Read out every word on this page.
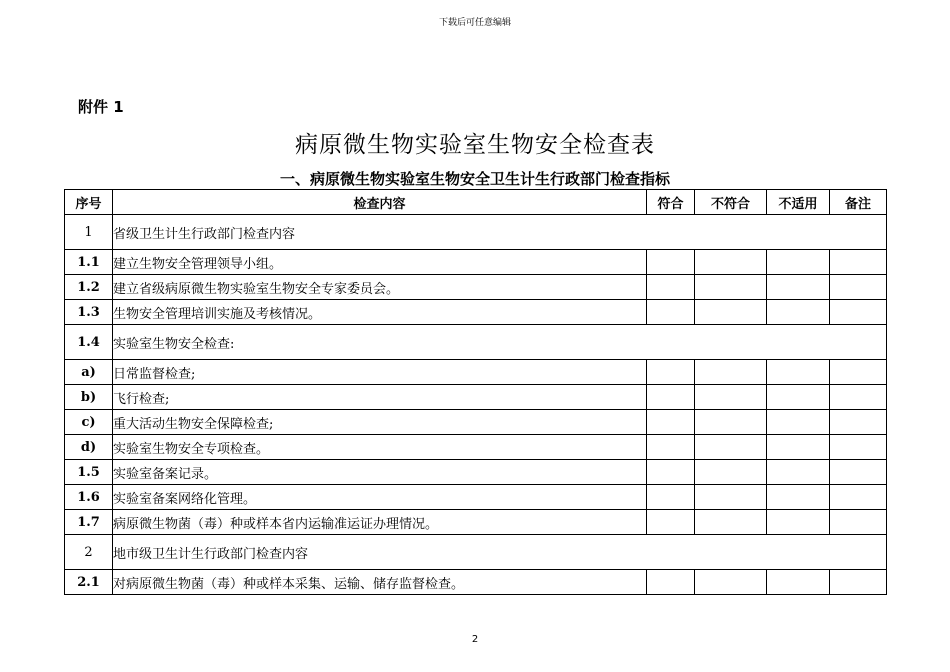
下载后可任意编辑
附件 1
病原微生物实验室生物安全检查表
一、病原微生物实验室生物安全卫生计生行政部门检查指标
序号	检查内容	符合	不符合	不适用	备注
1	省级卫生计生行政部门检查内容				
1.1	建立生物安全管理领导小组。				
1.2	建立省级病原微生物实验室生物安全专家委员会。				
1.3	生物安全管理培训实施及考核情况。				
1.4	实验室生物安全检查:				
a)	日常监督检查;				
b)	飞行检查;				
c)	重大活动生物安全保障检查;				
d)	实验室生物安全专项检查。				
1.5	实验室备案记录。				
1.6	实验室备案网络化管理。				
1.7	病原微生物菌（毒）种或样本省内运输准运证办理情况。				
2	地市级卫生计生行政部门检查内容				
2.1	对病原微生物菌（毒）种或样本采集、运输、储存监督检查。				
2
